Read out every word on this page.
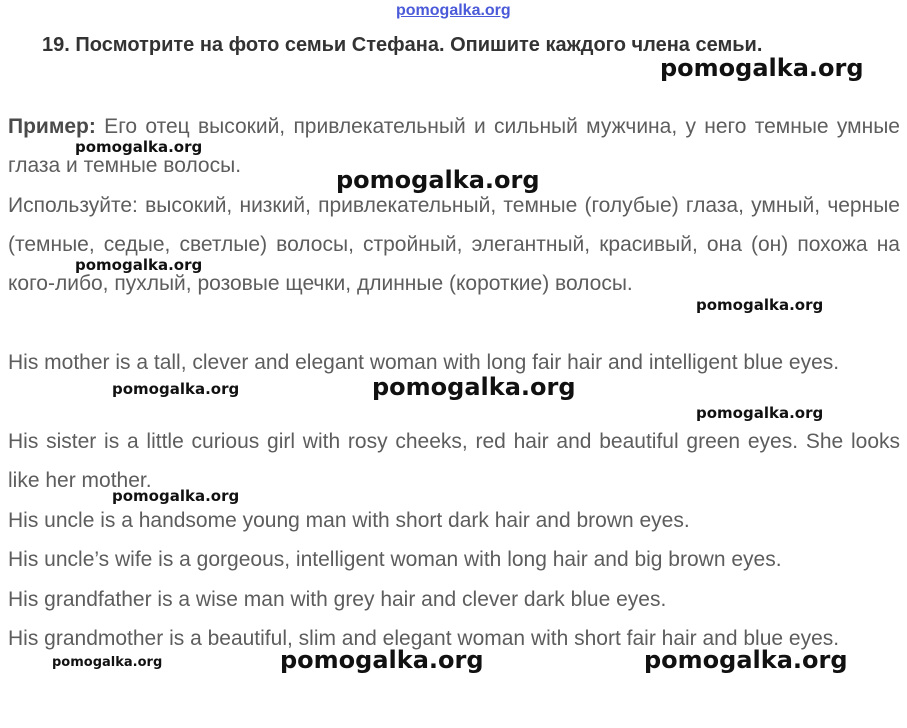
pomogalka.org
19. Посмотрите на фото семьи Стефана. Опишите каждого члена семьи.

Пример: Его отец высокий, привлекательный и сильный мужчина, у него темные умные глаза и темные волосы.

Используйте: высокий, низкий, привлекательный, темные (голубые) глаза, умный, черные (темные, седые, светлые) волосы, стройный, элегантный, красивый, она (он) похожа на кого-либо, пухлый, розовые щечки, длинные (короткие) волосы.

His mother is a tall, clever and elegant woman with long fair hair and intelligent blue eyes.

His sister is a little curious girl with rosy cheeks, red hair and beautiful green eyes. She looks like her mother.

His uncle is a handsome young man with short dark hair and brown eyes.

His uncle’s wife is a gorgeous, intelligent woman with long hair and big brown eyes.

His grandfather is a wise man with grey hair and clever dark blue eyes.

His grandmother is a beautiful, slim and elegant woman with short fair hair and blue eyes.

pomogalka.org
pomogalka.org
pomogalka.org
pomogalka.org
pomogalka.org
pomogalka.org	pomogalka.org
pomogalka.org
pomogalka.org
pomogalka.org	pomogalka.org	pomogalka.org
